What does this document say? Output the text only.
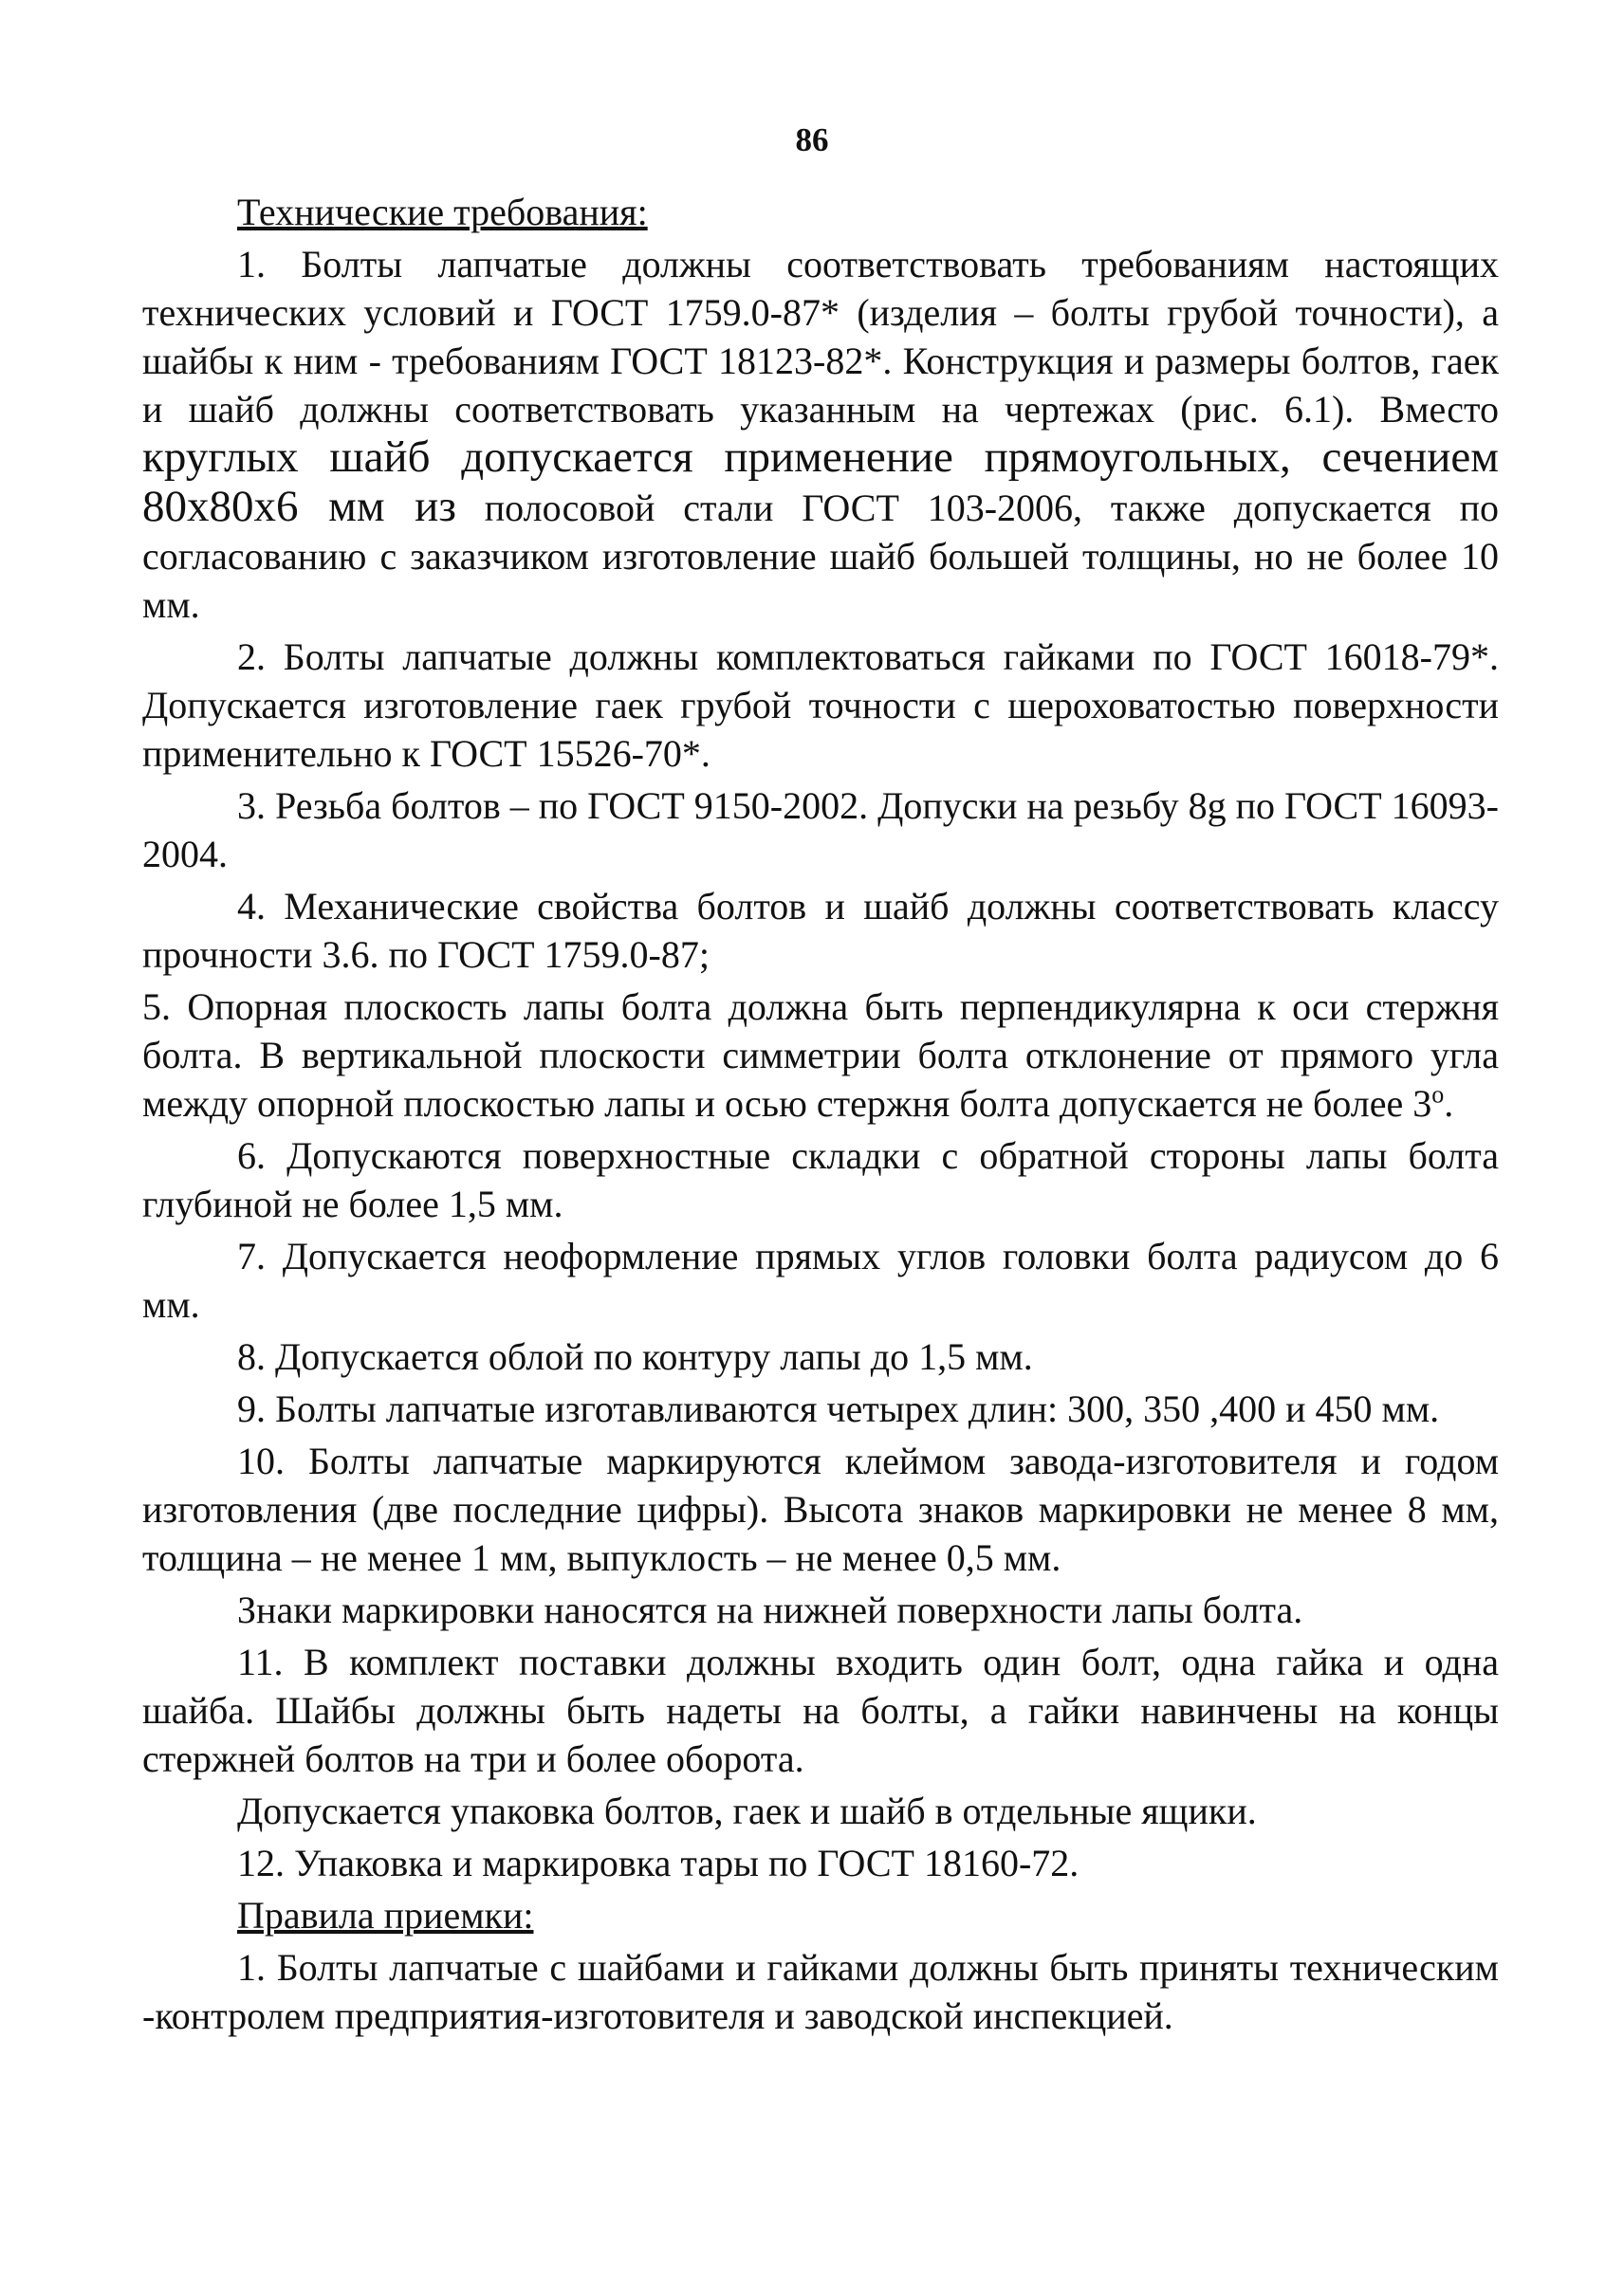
86
Технические требования:
1. Болты лапчатые должны соответствовать требованиям настоящих технических условий и ГОСТ 1759.0-87* (изделия – болты грубой точности), а шайбы к ним - требованиям ГОСТ 18123-82*. Конструкция и размеры болтов, гаек и шайб должны соответствовать указанным на чертежах (рис. 6.1). Вместо круглых шайб допускается применение прямоугольных, сечением 80х80х6 мм из полосовой стали ГОСТ 103-2006, также допускается по согласованию с заказчиком изготовление шайб большей толщины, но не более 10 мм.
2. Болты лапчатые должны комплектоваться гайками по ГОСТ 16018-79*. Допускается изготовление гаек грубой точности с шероховатостью поверхности применительно к ГОСТ 15526-70*.
3. Резьба болтов – по ГОСТ 9150-2002. Допуски на резьбу 8g по ГОСТ 16093-2004.
4. Механические свойства болтов и шайб должны соответствовать классу прочности 3.6. по ГОСТ 1759.0-87;
5. Опорная плоскость лапы болта должна быть перпендикулярна к оси стержня болта. В вертикальной плоскости симметрии болта отклонение от прямого угла между опорной плоскостью лапы и осью стержня болта допускается не более $3^о$.
6. Допускаются поверхностные складки с обратной стороны лапы болта глубиной не более 1,5 мм.
7. Допускается неоформление прямых углов головки болта радиусом до 6 мм.
8. Допускается облой по контуру лапы до 1,5 мм.
9. Болты лапчатые изготавливаются четырех длин: 300, 350 ,400 и 450 мм.
10. Болты лапчатые маркируются клеймом завода-изготовителя и годом изготовления (две последние цифры). Высота знаков маркировки не менее 8 мм, толщина – не менее 1 мм, выпуклость – не менее 0,5 мм.
Знаки маркировки наносятся на нижней поверхности лапы болта.
11. В комплект поставки должны входить один болт, одна гайка и одна шайба. Шайбы должны быть надеты на болты, а гайки навинчены на концы стержней болтов на три и более оборота.
Допускается упаковка болтов, гаек и шайб в отдельные ящики.
12. Упаковка и маркировка тары по ГОСТ 18160-72.
Правила приемки:
1. Болты лапчатые с шайбами и гайками должны быть приняты техническим -контролем предприятия-изготовителя и заводской инспекцией.
